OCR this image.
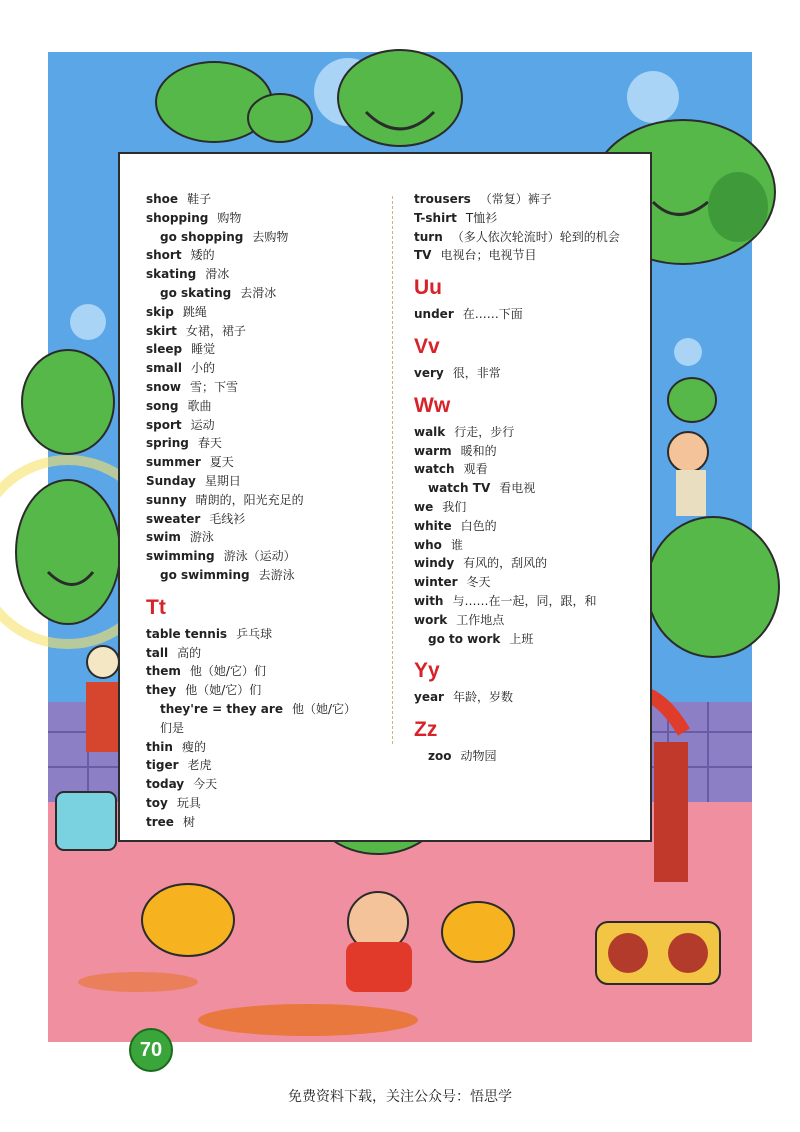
70
shoe 鞋子
shopping 购物
go shopping 去购物
short 矮的
skating 滑冰
go skating 去滑冰
skip 跳绳
skirt 女裙，裙子
sleep 睡觉
small 小的
snow 雪；下雪
song 歌曲
sport 运动
spring 春天
summer 夏天
Sunday 星期日
sunny 晴朗的，阳光充足的
sweater 毛线衫
swim 游泳
swimming 游泳（运动）
go swimming 去游泳
Tt
table tennis 乒乓球
tall 高的
them 他（她/它）们
they 他（她/它）们
they're = they are 他（她/它）
们是
thin 瘦的
tiger 老虎
today 今天
toy 玩具
tree 树
trousers （常复）裤子
T-shirt T恤衫
turn （多人依次轮流时）轮到的机会
TV 电视台；电视节目
Uu
under 在……下面
Vv
very 很，非常
Ww
walk 行走，步行
warm 暖和的
watch 观看
watch TV 看电视
we 我们
white 白色的
who 谁
windy 有风的，刮风的
winter 冬天
with 与……在一起，同，跟，和
work 工作地点
go to work 上班
Yy
year 年龄，岁数
Zz
zoo 动物园
免费资料下载，关注公众号：悟思学
